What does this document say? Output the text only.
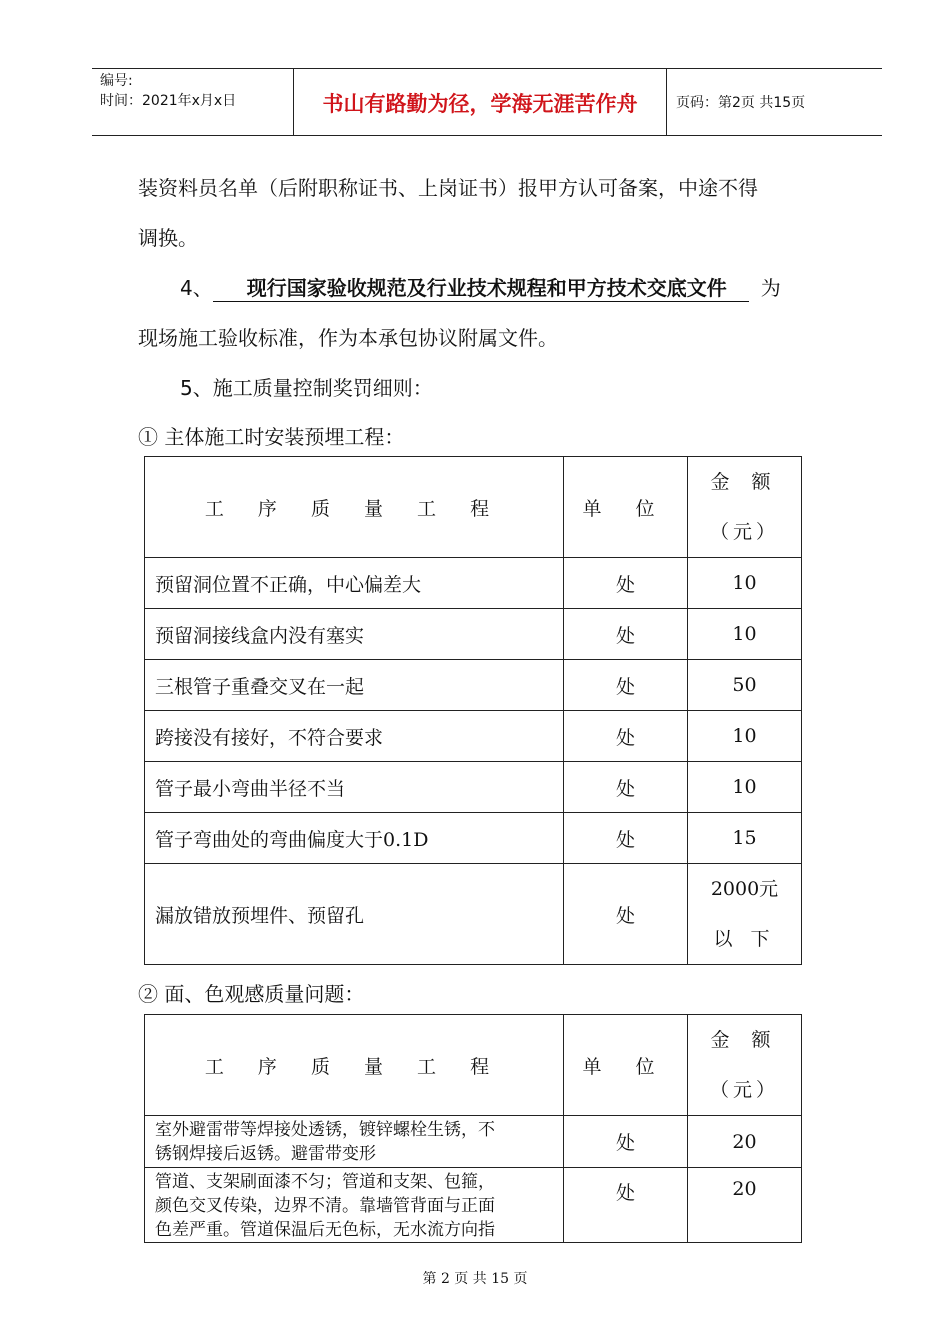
编号:
时间：2021年x月x日	书山有路勤为径，学海无涯苦作舟	页码：第2页 共15页
装资料员名单（后附职称证书、上岗证书）报甲方认可备案，中途不得
调换。
4、 现行国家验收规范及行业技术规程和甲方技术交底文件 为
现场施工验收标准，作为本承包协议附属文件。
5、施工质量控制奖罚细则：
① 主体施工时安装预埋工程：
工 序 质 量 工 程	单 位	金 额
（元）

预留洞位置不正确，中心偏差大	处	10
预留洞接线盒内没有塞实	处	10
三根管子重叠交叉在一起	处	50
跨接没有接好，不符合要求	处	10
管子最小弯曲半径不当	处	10
管子弯曲处的弯曲偏度大于0.1D	处	15
漏放错放预埋件、预留孔	处	2000元
以 下
② 面、色观感质量问题：
工 序 质 量 工 程	单 位	金 额
（元）

室外避雷带等焊接处透锈，镀锌螺栓生锈，不
锈钢焊接后返锈。避雷带变形	处	20

管道、支架刷面漆不匀；管道和支架、包箍，
颜色交叉传染，边界不清。靠墙管背面与正面
色差严重。管道保温后无色标，无水流方向指	处	20
第 2 页 共 15 页
